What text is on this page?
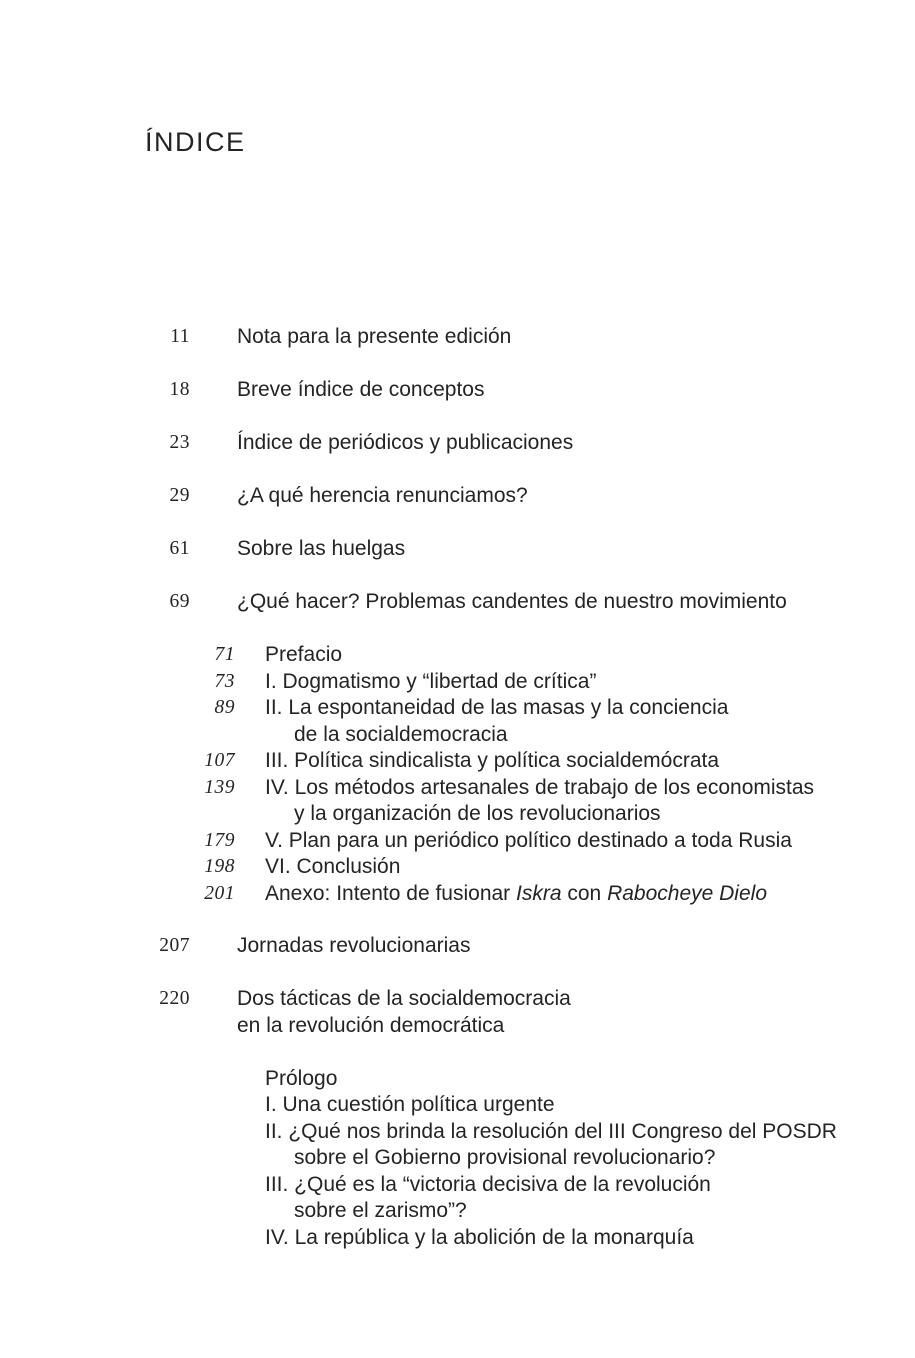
ÍNDICE
11 Nota para la presente edición
18 Breve índice de conceptos
23 Índice de periódicos y publicaciones
29 ¿A qué herencia renunciamos?
61 Sobre las huelgas
69 ¿Qué hacer? Problemas candentes de nuestro movimiento
71 Prefacio
73 I. Dogmatismo y “libertad de crítica”
89 II. La espontaneidad de las masas y la conciencia
de la socialdemocracia
107 III. Política sindicalista y política socialdemócrata
139 IV. Los métodos artesanales de trabajo de los economistas
y la organización de los revolucionarios
179 V. Plan para un periódico político destinado a toda Rusia
198 VI. Conclusión
201 Anexo: Intento de fusionar Iskra con Rabocheye Dielo
207 Jornadas revolucionarias
220 Dos tácticas de la socialdemocracia
en la revolución democrática
Prólogo
I. Una cuestión política urgente
II. ¿Qué nos brinda la resolución del III Congreso del POSDR
sobre el Gobierno provisional revolucionario?
III. ¿Qué es la “victoria decisiva de la revolución
sobre el zarismo”?
IV. La república y la abolición de la monarquía
